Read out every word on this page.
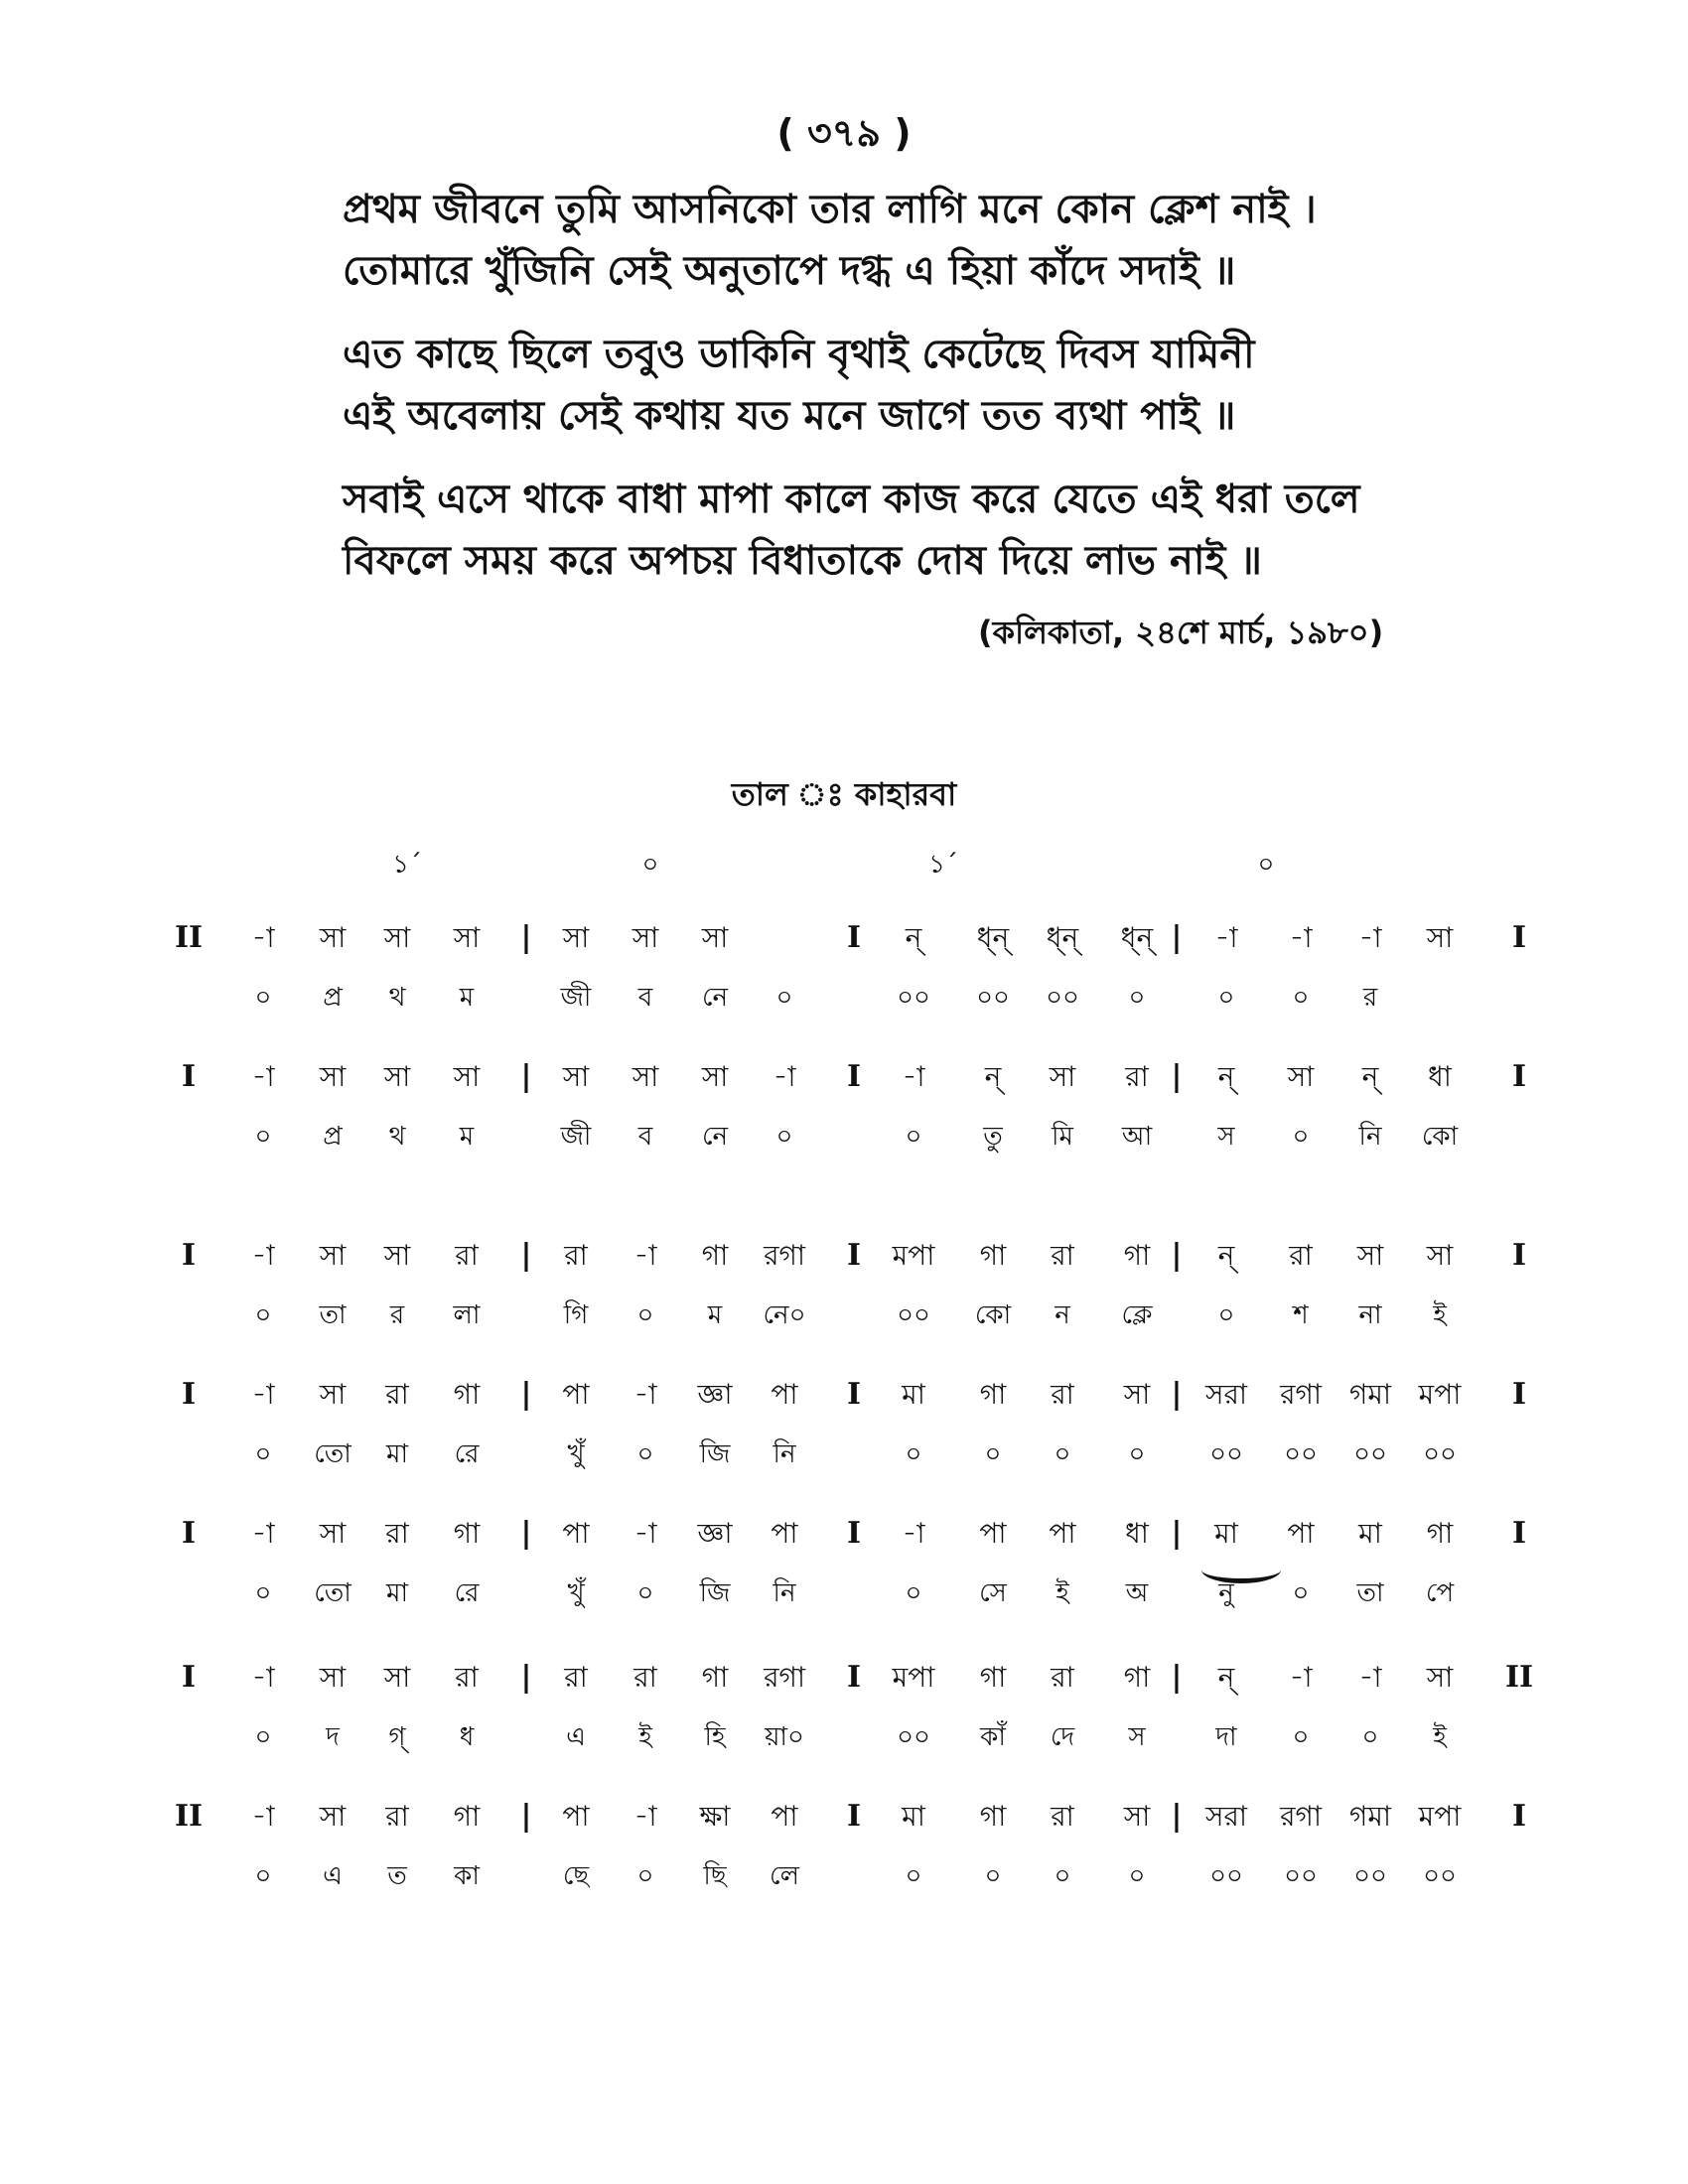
( ৩৭৯ )
প্রথম জীবনে তুমি আসনিকো তার লাগি মনে কোন ক্লেশ নাই ।
তোমারে খুঁজিনি সেই অনুতাপে দগ্ধ এ হিয়া কাঁদে সদাই ॥
এত কাছে ছিলে তবুও ডাকিনি বৃথাই কেটেছে দিবস যামিনী
এই অবেলায় সেই কথায় যত মনে জাগে তত ব্যথা পাই ॥
সবাই এসে থাকে বাধা মাপা কালে কাজ করে যেতে এই ধরা তলে
বিফলে সময় করে অপচয় বিধাতাকে দোষ দিয়ে লাভ নাই ॥
(কলিকাতা, ২৪শে মার্চ, ১৯৮০)
তাল ঃ কাহারবা
১´	০	১´	০
II	|	I	|	I
-া সা সা সা	সা সা সা	ন্ ধ্‌ন্‌ ধ্‌ন্ ধ্‌ন্ -া -া -া সা
০ প্র থ ম	জী ব নে ০	০০ ০০ ০০ ০	০ ০ র
I	|	I	|	I
-া সা সা সা	সা সা সা -া	-া ন্ সা রা ন্ সা ন্ ধা
০ প্র থ ম	জী ব নে ০	০ তু মি আ	স ০ নি কো
I	|	I	|	I
-া সা সা রা	রা -া গা রগা	মপা গা রা গা ন্ রা সা সা
০ তা র লা	গি ০ ম নে০	০০ কো ন ক্লে	০ শ না ই
I	|	I	|	I
-া সা রা গা	পা -া জ্ঞা পা	মা গা রা সা সরা রগা গমা মপা
০ তো মা রে	খুঁ ০ জি নি	০ ০ ০ ০ ০০ ০০ ০০ ০০
I	|	I	|	I
-া সা রা গা	পা -া জ্ঞা পা	-া পা পা ধা মা পা মা গা
০ তো মা রে	খুঁ ০ জি নি	০ সে ই অ	নু ০ তা পে
I	|	I	|	II
-া সা সা রা	রা রা গা রগা	মপা গা রা গা ন্ -া -া সা
০ দ গ্ ধ	এ ই হি য়া০	০০ কাঁ দে স	দা ০ ০ ই
II	|	I	|	I
-া সা রা গা	পা -া ক্ষা পা	মা গা রা সা সরা রগা গমা মপা
০ এ ত কা	ছে ০ ছি লে	০ ০ ০ ০ ০০ ০০ ০০ ০০
